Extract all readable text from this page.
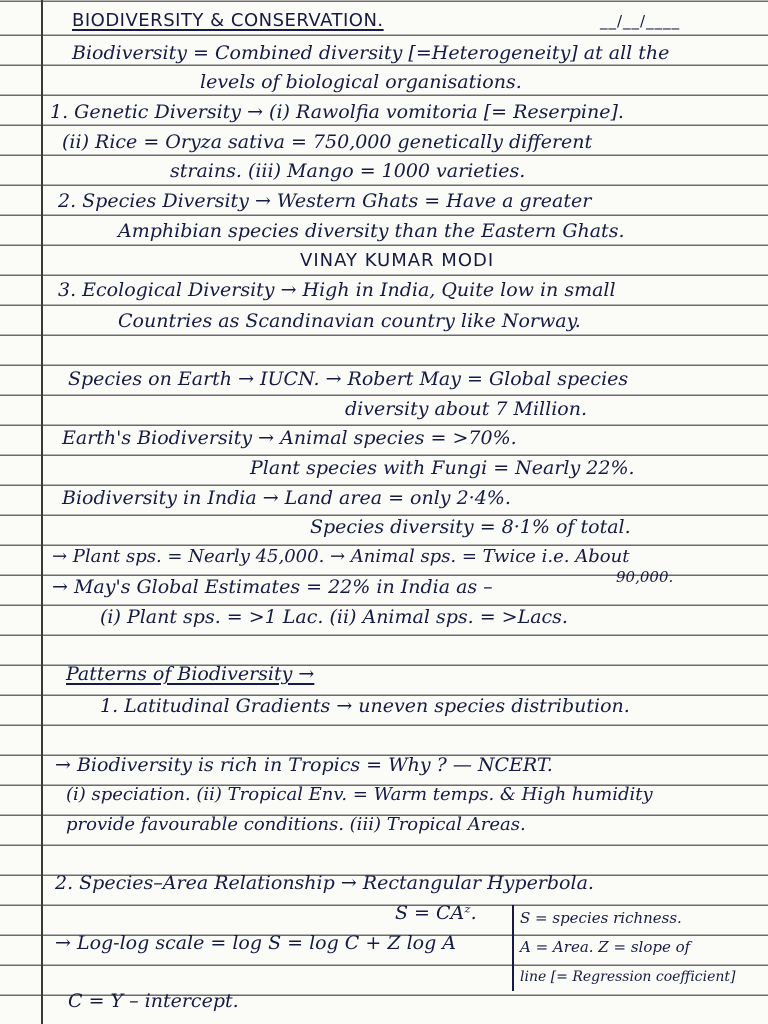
BIODIVERSITY & CONSERVATION.	__/__/____
Biodiversity = Combined diversity [=Heterogeneity] at all the
levels of biological organisations.
1. Genetic Diversity → (i) Rawolfia vomitoria [= Reserpine].
(ii) Rice = Oryza sativa = 750,000 genetically different
strains. (iii) Mango = 1000 varieties.
2. Species Diversity → Western Ghats = Have a greater
Amphibian species diversity than the Eastern Ghats.
VINAY KUMAR MODI
3. Ecological Diversity → High in India, Quite low in small
Countries as Scandinavian country like Norway.
Species on Earth → IUCN. → Robert May = Global species
diversity about 7 Million.
Earth's Biodiversity → Animal species = >70%.
Plant species with Fungi = Nearly 22%.
Biodiversity in India → Land area = only 2·4%.
Species diversity = 8·1% of total.
→ Plant sps. = Nearly 45,000. → Animal sps. = Twice i.e. About
90,000.
→ May's Global Estimates = 22% in India as –
(i) Plant sps. = >1 Lac. (ii) Animal sps. = >Lacs.
Patterns of Biodiversity →
1. Latitudinal Gradients → uneven species distribution.
→ Biodiversity is rich in Tropics = Why ? — NCERT.
(i) speciation. (ii) Tropical Env. = Warm temps. & High humidity
provide favourable conditions. (iii) Tropical Areas.
2. Species–Area Relationship → Rectangular Hyperbola.
S = CAᶻ.
→ Log-log scale = log S = log C + Z log A
C = Y – intercept.
S = species richness.
A = Area. Z = slope of
line [= Regression coefficient]
